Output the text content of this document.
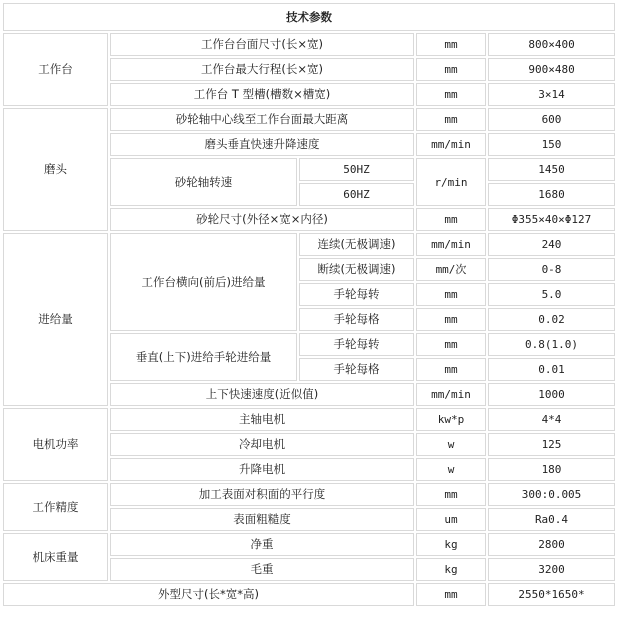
技术参数				
工作台	工作台台面尺寸(长×宽)		mm	800×400
	工作台最大行程(长×宽)		mm	900×480
	工作台 T 型槽(槽数×槽宽)		mm	3×14
磨头	砂轮轴中心线至工作台面最大距离		mm	600
	磨头垂直快速升降速度		mm/min	150
	砂轮轴转速	50HZ	r/min	1450
		60HZ		1680
	砂轮尺寸(外径×宽×内径)		mm	Φ355×40×Φ127
进给量	工作台横向(前后)进给量	连续(无极调速)	mm/min	240
		断续(无极调速)	mm/次	0-8
		手轮每转	mm	5.0
		手轮每格	mm	0.02
	垂直(上下)进给手轮进给量	手轮每转	mm	0.8(1.0)
		手轮每格	mm	0.01
	上下快速速度(近似值)		mm/min	1000
电机功率	主轴电机		kw*p	4*4
	冷却电机		w	125
	升降电机		w	180
工作精度	加工表面对积面的平行度		mm	300:0.005
	表面粗糙度		um	Ra0.4
机床重量	净重		kg	2800
	毛重		kg	3200
外型尺寸(长*宽*高)			mm	2550*1650*
